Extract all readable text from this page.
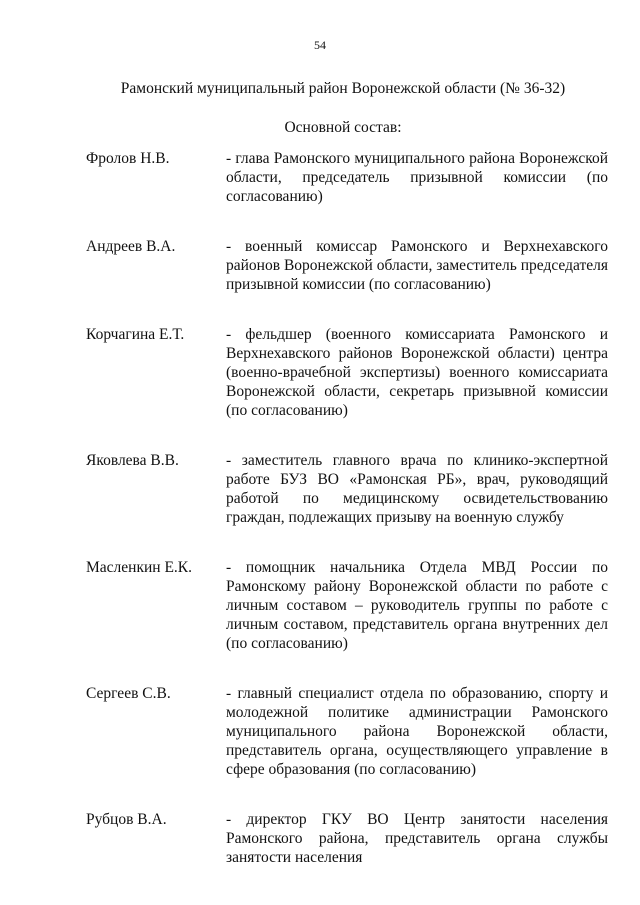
54
Рамонский муниципальный район Воронежской области (№ 36-32)
Основной состав:
Фролов Н.В.	- глава Рамонского муниципального района Воронежской области, председатель призывной комиссии (по согласованию)
Андреев В.А.	- военный комиссар Рамонского и Верхнехавского районов Воронежской области, заместитель председателя призывной комиссии (по согласованию)
Корчагина Е.Т.	- фельдшер (военного комиссариата Рамонского и Верхнехавского районов Воронежской области) центра (военно-врачебной экспертизы) военного комиссариата Воронежской области, секретарь призывной комиссии (по согласованию)
Яковлева В.В.	- заместитель главного врача по клинико-экспертной работе БУЗ ВО «Рамонская РБ», врач, руководящий работой по медицинскому освидетельствованию граждан, подлежащих призыву на военную службу
Масленкин Е.К.	- помощник начальника Отдела МВД России по Рамонскому району Воронежской области по работе с личным составом – руководитель группы по работе с личным составом, представитель органа внутренних дел (по согласованию)
Сергеев С.В.	- главный специалист отдела по образованию, спорту и молодежной политике администрации Рамонского муниципального района Воронежской области, представитель органа, осуществляющего управление в сфере образования (по согласованию)
Рубцов В.А.	- директор ГКУ ВО Центр занятости населения Рамонского района, представитель органа службы занятости населения
